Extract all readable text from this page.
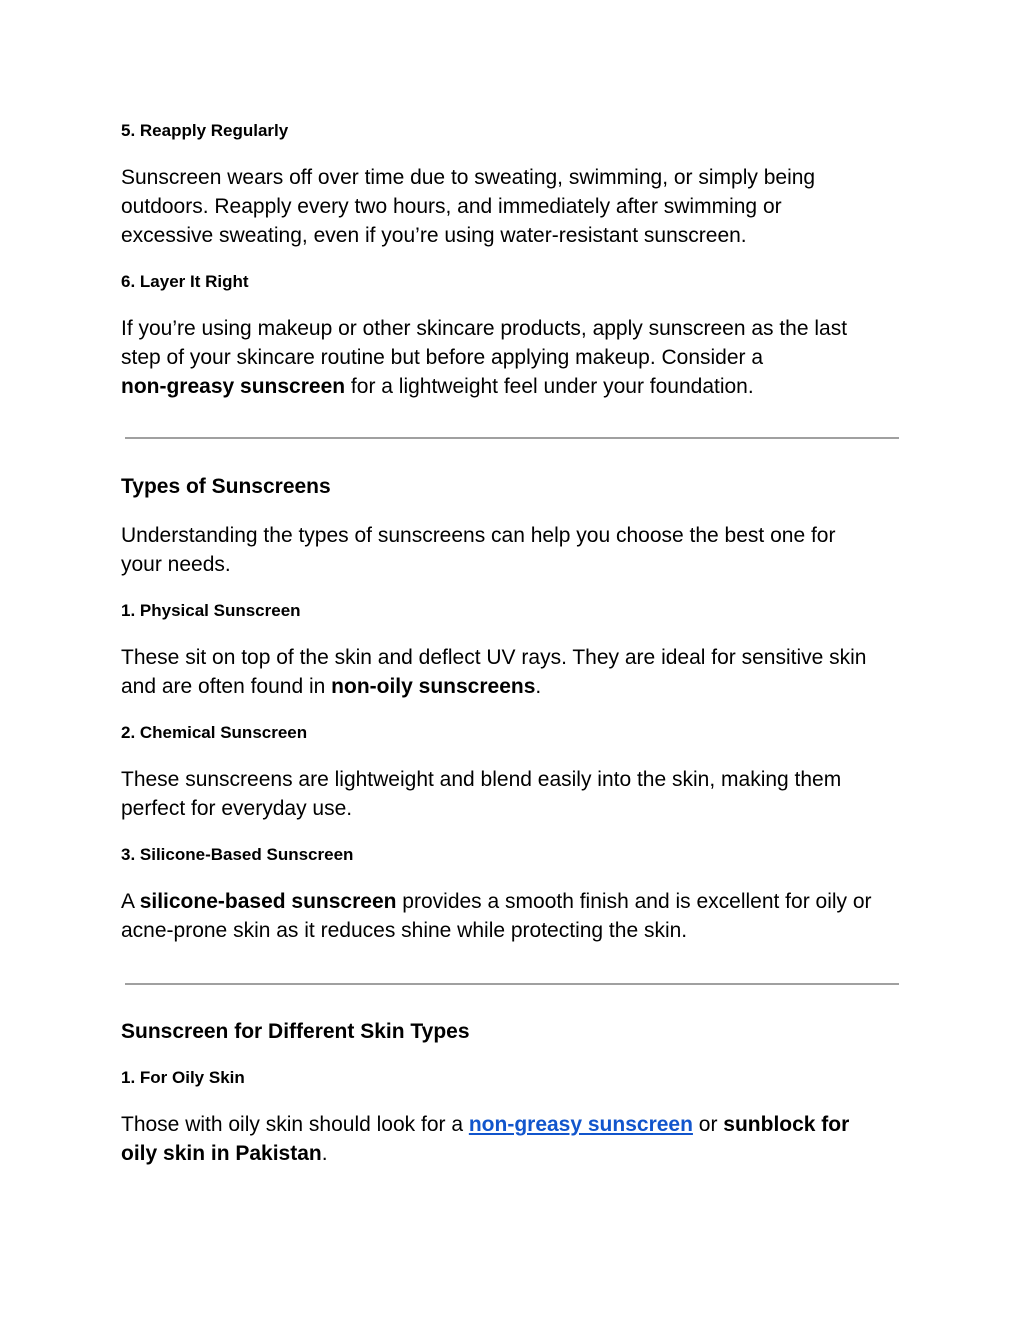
5. Reapply Regularly
Sunscreen wears off over time due to sweating, swimming, or simply being
outdoors. Reapply every two hours, and immediately after swimming or
excessive sweating, even if you’re using water-resistant sunscreen.
6. Layer It Right
If you’re using makeup or other skincare products, apply sunscreen as the last
step of your skincare routine but before applying makeup. Consider a
non-greasy sunscreen for a lightweight feel under your foundation.
Types of Sunscreens
Understanding the types of sunscreens can help you choose the best one for
your needs.
1. Physical Sunscreen
These sit on top of the skin and deflect UV rays. They are ideal for sensitive skin
and are often found in non-oily sunscreens.
2. Chemical Sunscreen
These sunscreens are lightweight and blend easily into the skin, making them
perfect for everyday use.
3. Silicone-Based Sunscreen
A silicone-based sunscreen provides a smooth finish and is excellent for oily or
acne-prone skin as it reduces shine while protecting the skin.
Sunscreen for Different Skin Types
1. For Oily Skin
Those with oily skin should look for a non-greasy sunscreen or sunblock for
oily skin in Pakistan.
